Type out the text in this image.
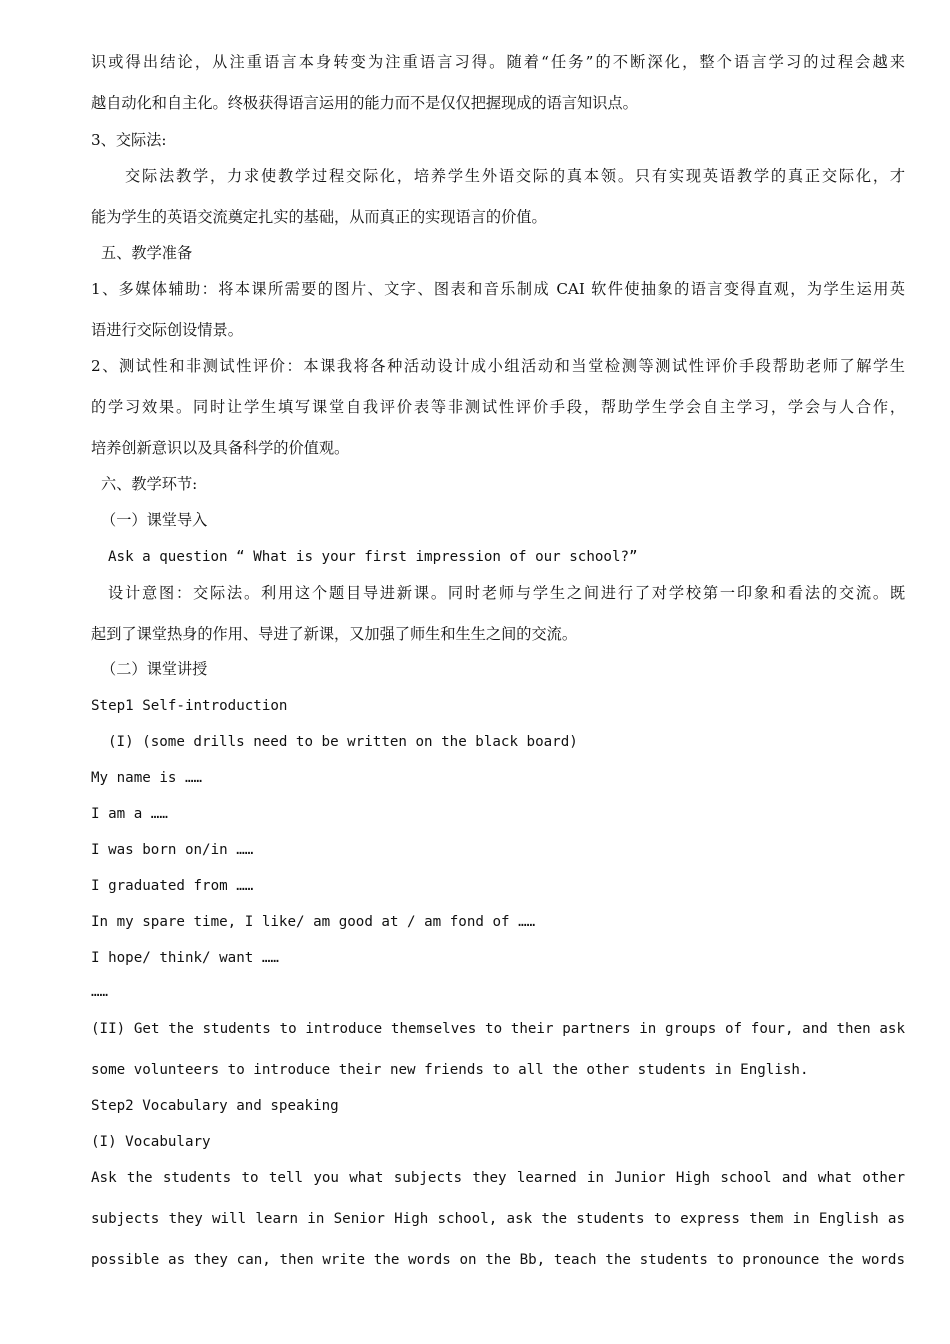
识或得出结论，从注重语言本身转变为注重语言习得。随着“任务”的不断深化，整个语言学习的过程会越来
越自动化和自主化。终极获得语言运用的能力而不是仅仅把握现成的语言知识点。
3、交际法:
交际法教学，力求使教学过程交际化，培养学生外语交际的真本领。只有实现英语教学的真正交际化，才
能为学生的英语交流奠定扎实的基础，从而真正的实现语言的价值。
五、教学准备
1、多媒体辅助：将本课所需要的图片、文字、图表和音乐制成 CAI 软件使抽象的语言变得直观，为学生运用英
语进行交际创设情景。
2、测试性和非测试性评价：本课我将各种活动设计成小组活动和当堂检测等测试性评价手段帮助老师了解学生
的学习效果。同时让学生填写课堂自我评价表等非测试性评价手段，帮助学生学会自主学习，学会与人合作，
培养创新意识以及具备科学的价值观。
六、教学环节:
（一）课堂导入
Ask a question “ What is your first impression of our school?”
设计意图：交际法。利用这个题目导进新课。同时老师与学生之间进行了对学校第一印象和看法的交流。既
起到了课堂热身的作用、导进了新课，又加强了师生和生生之间的交流。
（二）课堂讲授
Step1 Self-introduction
(I) (some drills need to be written on the black board)
My name is ……
I am a ……
I was born on/in ……
I graduated from ……
In my spare time, I like/ am good at / am fond of ……
I hope/ think/ want ……
……
(II) Get the students to introduce themselves to their partners in groups of four, and then ask
some volunteers to introduce their new friends to all the other students in English.
Step2 Vocabulary and speaking
(I) Vocabulary
Ask the students to tell you what subjects they learned in Junior High school and what other
subjects they will learn in Senior High school, ask the students to express them in English as
possible as they can, then write the words on the Bb, teach the students to pronounce the words
